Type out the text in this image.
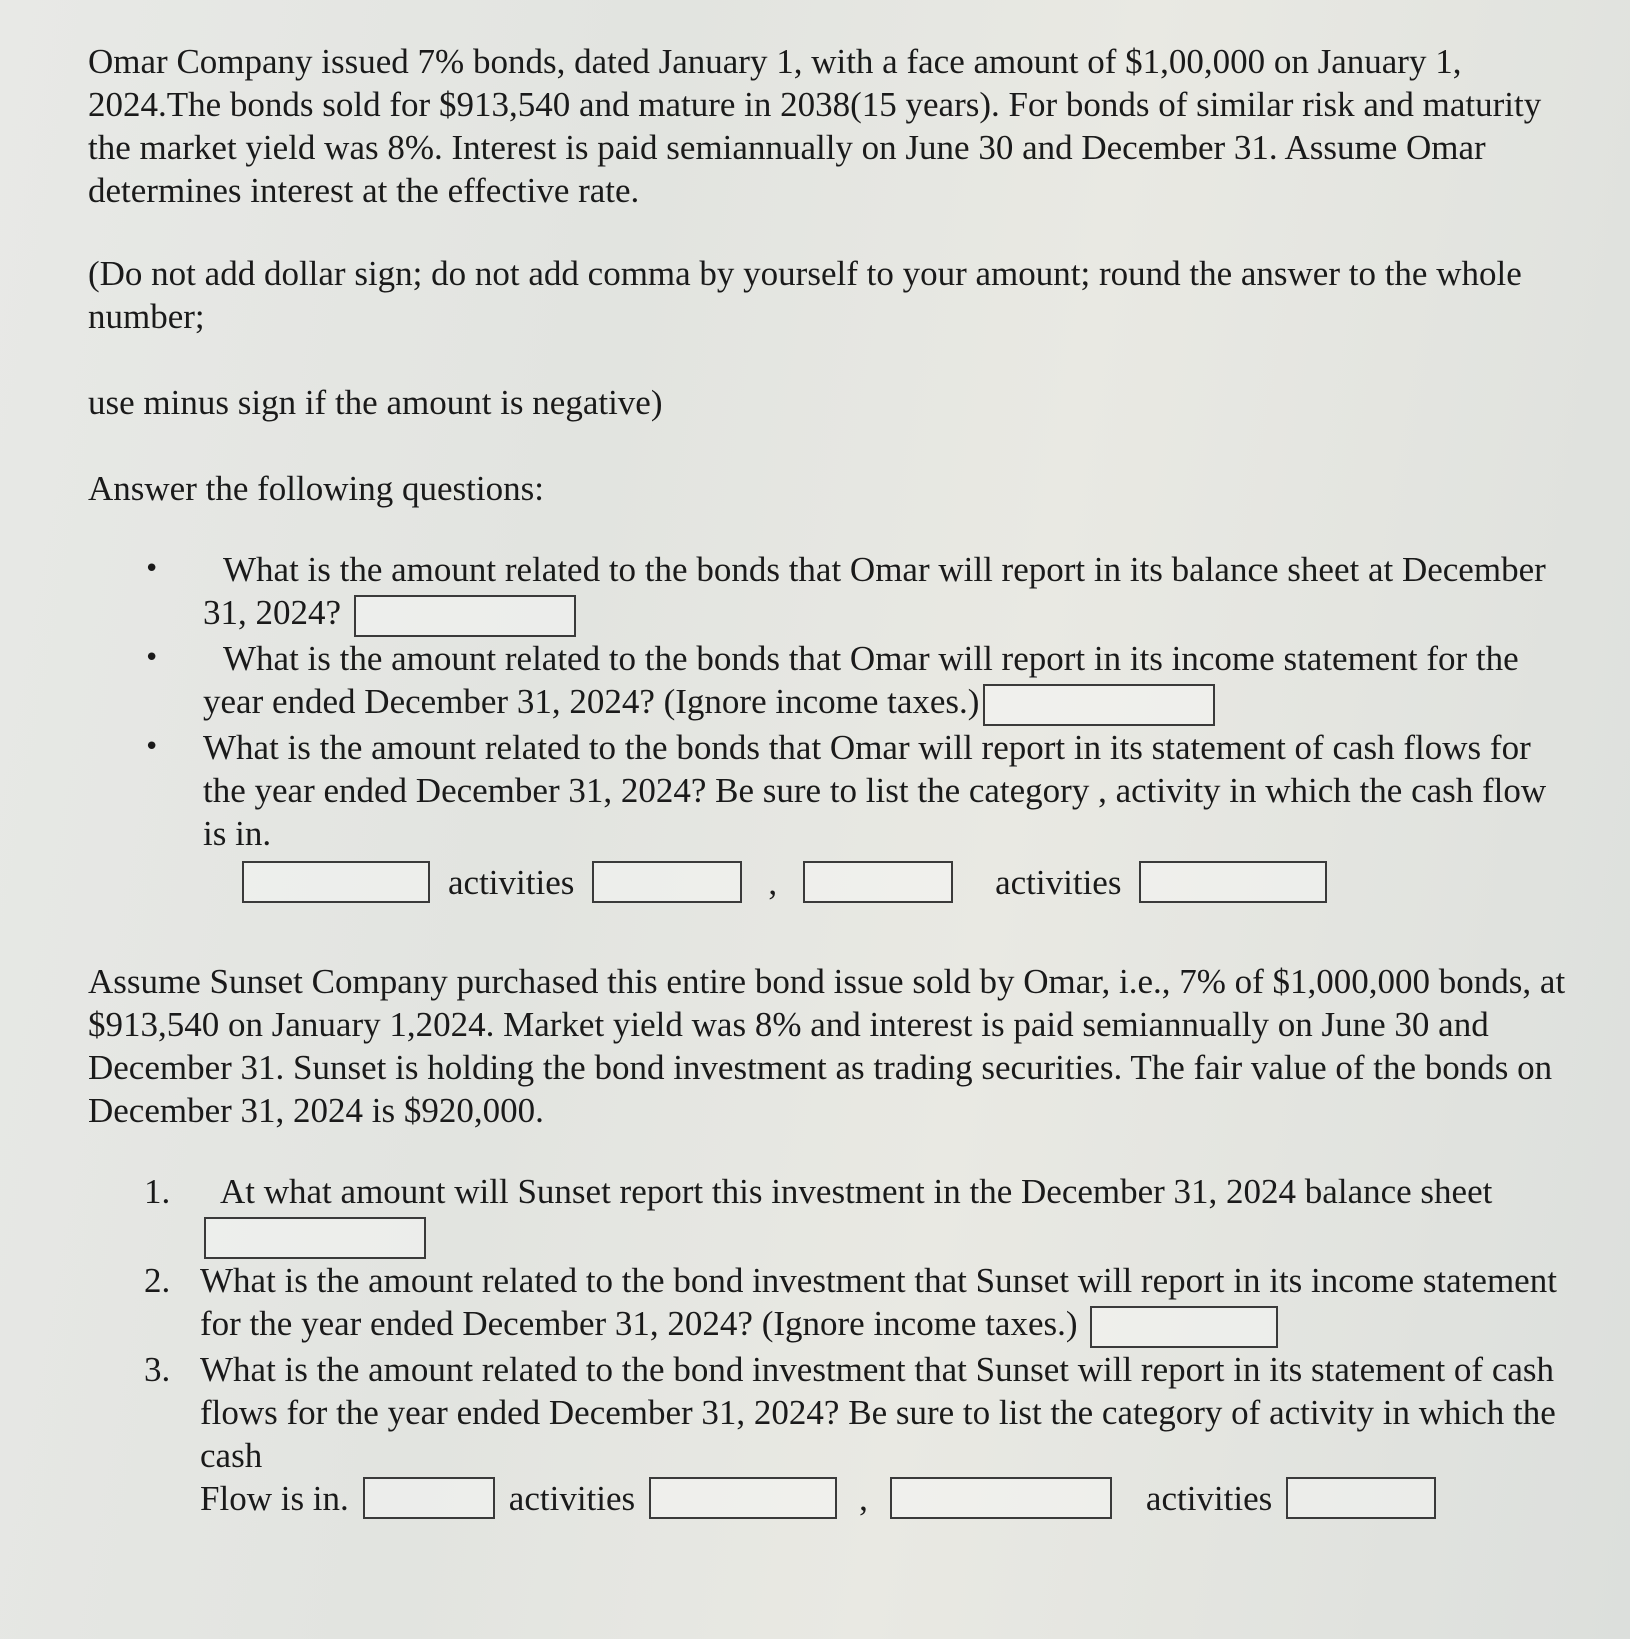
Omar Company issued 7% bonds, dated January 1, with a face amount of $1,00,000 on January 1, 2024.The bonds sold for $913,540 and mature in 2038(15 years). For bonds of similar risk and maturity the market yield was 8%. Interest is paid semiannually on June 30 and December 31. Assume Omar determines interest at the effective rate.

(Do not add dollar sign; do not add comma by yourself to your amount; round the answer to the whole number;

use minus sign if the amount is negative)

Answer the following questions:

• What is the amount related to the bonds that Omar will report in its balance sheet at December 31, 2024?
• What is the amount related to the bonds that Omar will report in its income statement for the year ended December 31, 2024? (Ignore income taxes.)
• What is the amount related to the bonds that Omar will report in its statement of cash flows for the year ended December 31, 2024? Be sure to list the category , activity in which the cash flow is in.
activities	,	activities

Assume Sunset Company purchased this entire bond issue sold by Omar, i.e., 7% of $1,000,000 bonds, at $913,540 on January 1,2024. Market yield was 8% and interest is paid semiannually on June 30 and December 31. Sunset is holding the bond investment as trading securities. The fair value of the bonds on December 31, 2024 is $920,000.

1. At what amount will Sunset report this investment in the December 31, 2024 balance sheet
2. What is the amount related to the bond investment that Sunset will report in its income statement for the year ended December 31, 2024? (Ignore income taxes.)
3. What is the amount related to the bond investment that Sunset will report in its statement of cash flows for the year ended December 31, 2024? Be sure to list the category of activity in which the cash
Flow is in.	activities	,	activities
